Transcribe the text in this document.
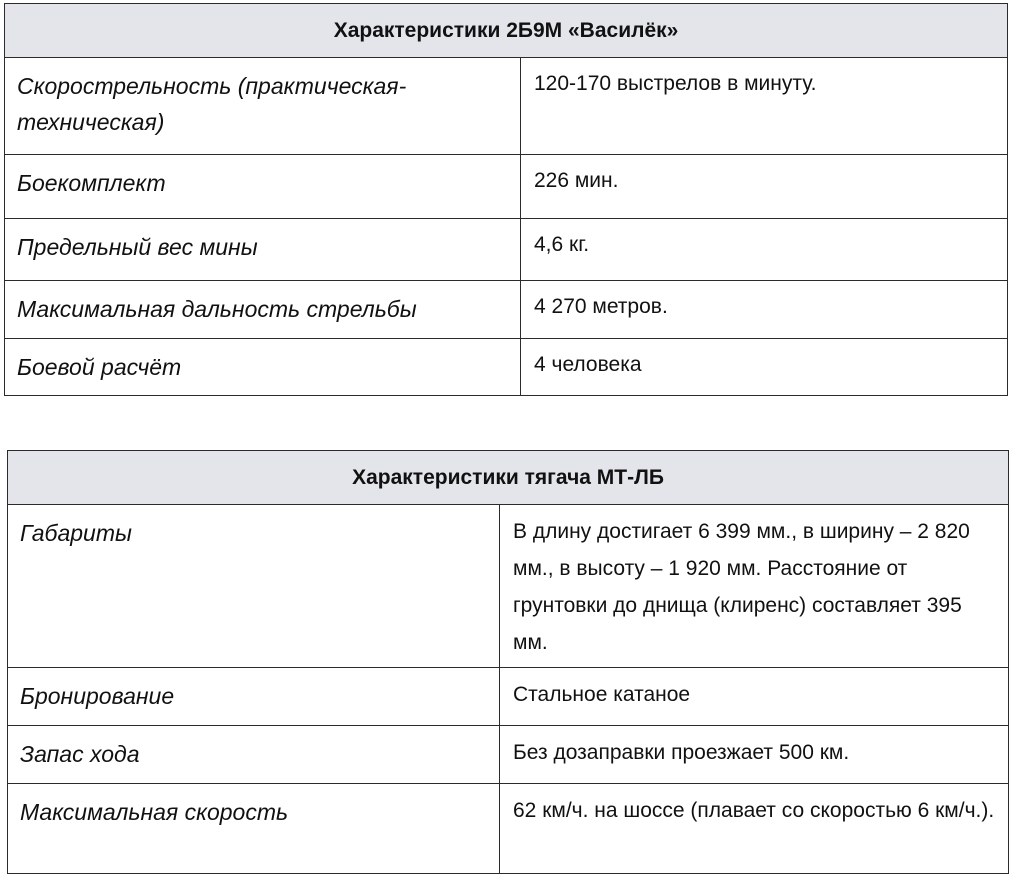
Характеристики 2Б9М «Василёк»	
Скорострельность (практическая-техническая)	120-170 выстрелов в минуту.
Боекомплект	226 мин.
Предельный вес мины	4,6 кг.
Максимальная дальность стрельбы	4 270 метров.
Боевой расчёт	4 человека
Характеристики тягача МТ-ЛБ	
Габариты	В длину достигает 6 399 мм., в ширину – 2 820 мм., в высоту – 1 920 мм. Расстояние от грунтовки до днища (клиренс) составляет 395 мм.
Бронирование	Стальное катаное
Запас хода	Без дозаправки проезжает 500 км.
Максимальная скорость	62 км/ч. на шоссе (плавает со скоростью 6 км/ч.).
